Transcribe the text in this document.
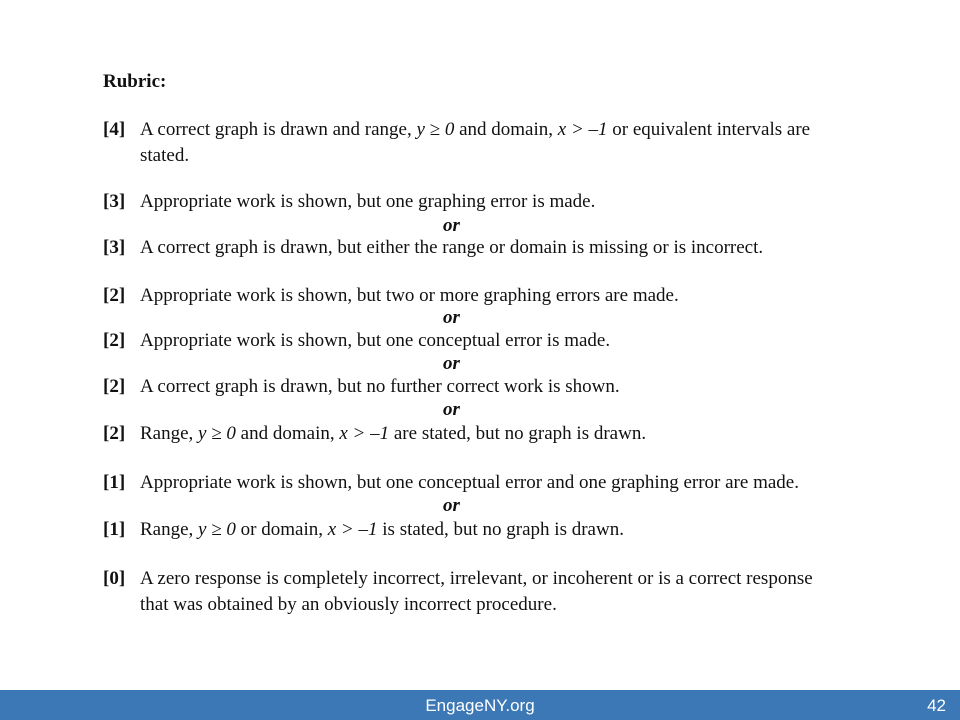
Rubric:
[4] A correct graph is drawn and range, y ≥ 0 and domain, x > –1 or equivalent intervals are
stated.
[3] Appropriate work is shown, but one graphing error is made.
or
[3] A correct graph is drawn, but either the range or domain is missing or is incorrect.
[2] Appropriate work is shown, but two or more graphing errors are made.
or
[2] Appropriate work is shown, but one conceptual error is made.
or
[2] A correct graph is drawn, but no further correct work is shown.
or
[2] Range, y ≥ 0 and domain, x > –1 are stated, but no graph is drawn.
[1] Appropriate work is shown, but one conceptual error and one graphing error are made.
or
[1] Range, y ≥ 0 or domain, x > –1 is stated, but no graph is drawn.
[0] A zero response is completely incorrect, irrelevant, or incoherent or is a correct response
that was obtained by an obviously incorrect procedure.
EngageNY.org	42
